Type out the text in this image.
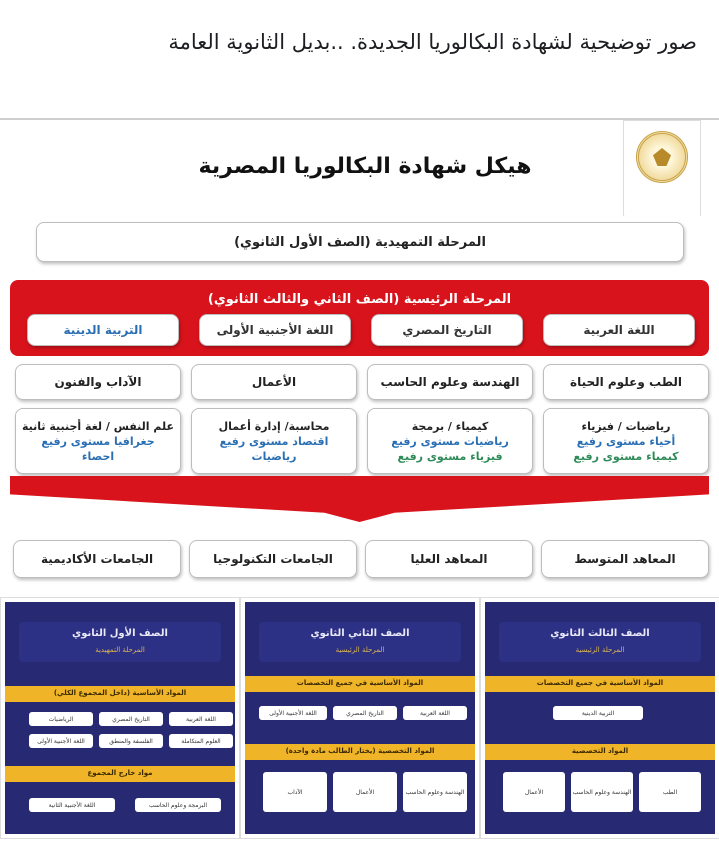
صور توضيحية لشهادة البكالوريا الجديدة. ..بديل الثانوية العامة
هيكل شهادة البكالوريا المصرية
المرحلة التمهيدية (الصف الأول الثانوي)
المرحلة الرئيسية (الصف الثاني والثالث الثانوي)
اللغة العربية
التاريخ المصري
اللغة الأجنبية الأولى
التربية الدينية
الطب وعلوم الحياة
الهندسة وعلوم الحاسب
الأعمال
الآداب والفنون
رياضيات / فيزياء
أحياء مستوى رفيع
كيمياء مستوى رفيع
كيمياء / برمجة
رياضيات مستوى رفيع
فيزياء مستوى رفيع
محاسبة/ إدارة أعمال
اقتصاد مستوى رفيع
رياضيات
علم النفس / لغة أجنبية ثانية
جغرافيا مستوى رفيع
احصاء
المعاهد المتوسط
المعاهد العليا
الجامعات التكنولوجيا
الجامعات الأكاديمية
الصف الثالث الثانوي
المرحلة الرئيسية
المواد الأساسية في جميع التخصصات
التربية الدينية
المواد التخصصية
الهندسة وعلوم الحاسب
الأعمال	الطب
الصف الثاني الثانوي
المرحلة الرئيسية
المواد الأساسية في جميع التخصصات
اللغة العربية
التاريخ المصري
اللغة الأجنبية الأولى
المواد التخصصية (يختار الطالب مادة واحدة)
الهندسة وعلوم الحاسب
الأعمال
الآداب
الصف الأول الثانوي
المرحلة التمهيدية
المواد الأساسية (داخل المجموع الكلي)
اللغة العربية
التاريخ المصري
الرياضيات
العلوم المتكاملة
الفلسفة والمنطق
اللغة الأجنبية الأولى
مواد خارج المجموع
البرمجة وعلوم الحاسب
اللغة الأجنبية الثانية
